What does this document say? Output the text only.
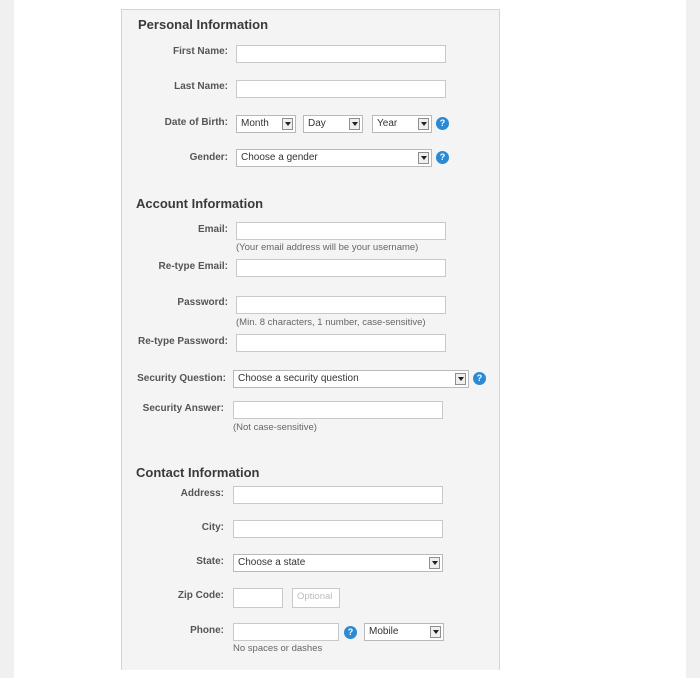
Personal Information
First Name:
Last Name:
Date of Birth:	Month	Day	Year	?
Gender:	Choose a gender	?
Account Information
Email:
(Your email address will be your username)
Re-type Email:
Password:
(Min. 8 characters, 1 number, case-sensitive)
Re-type Password:
Security Question:	Choose a security question	?
Security Answer:
(Not case-sensitive)
Contact Information
Address:
City:
State:	Choose a state
Zip Code:	Optional
Phone:	?	Mobile
No spaces or dashes
